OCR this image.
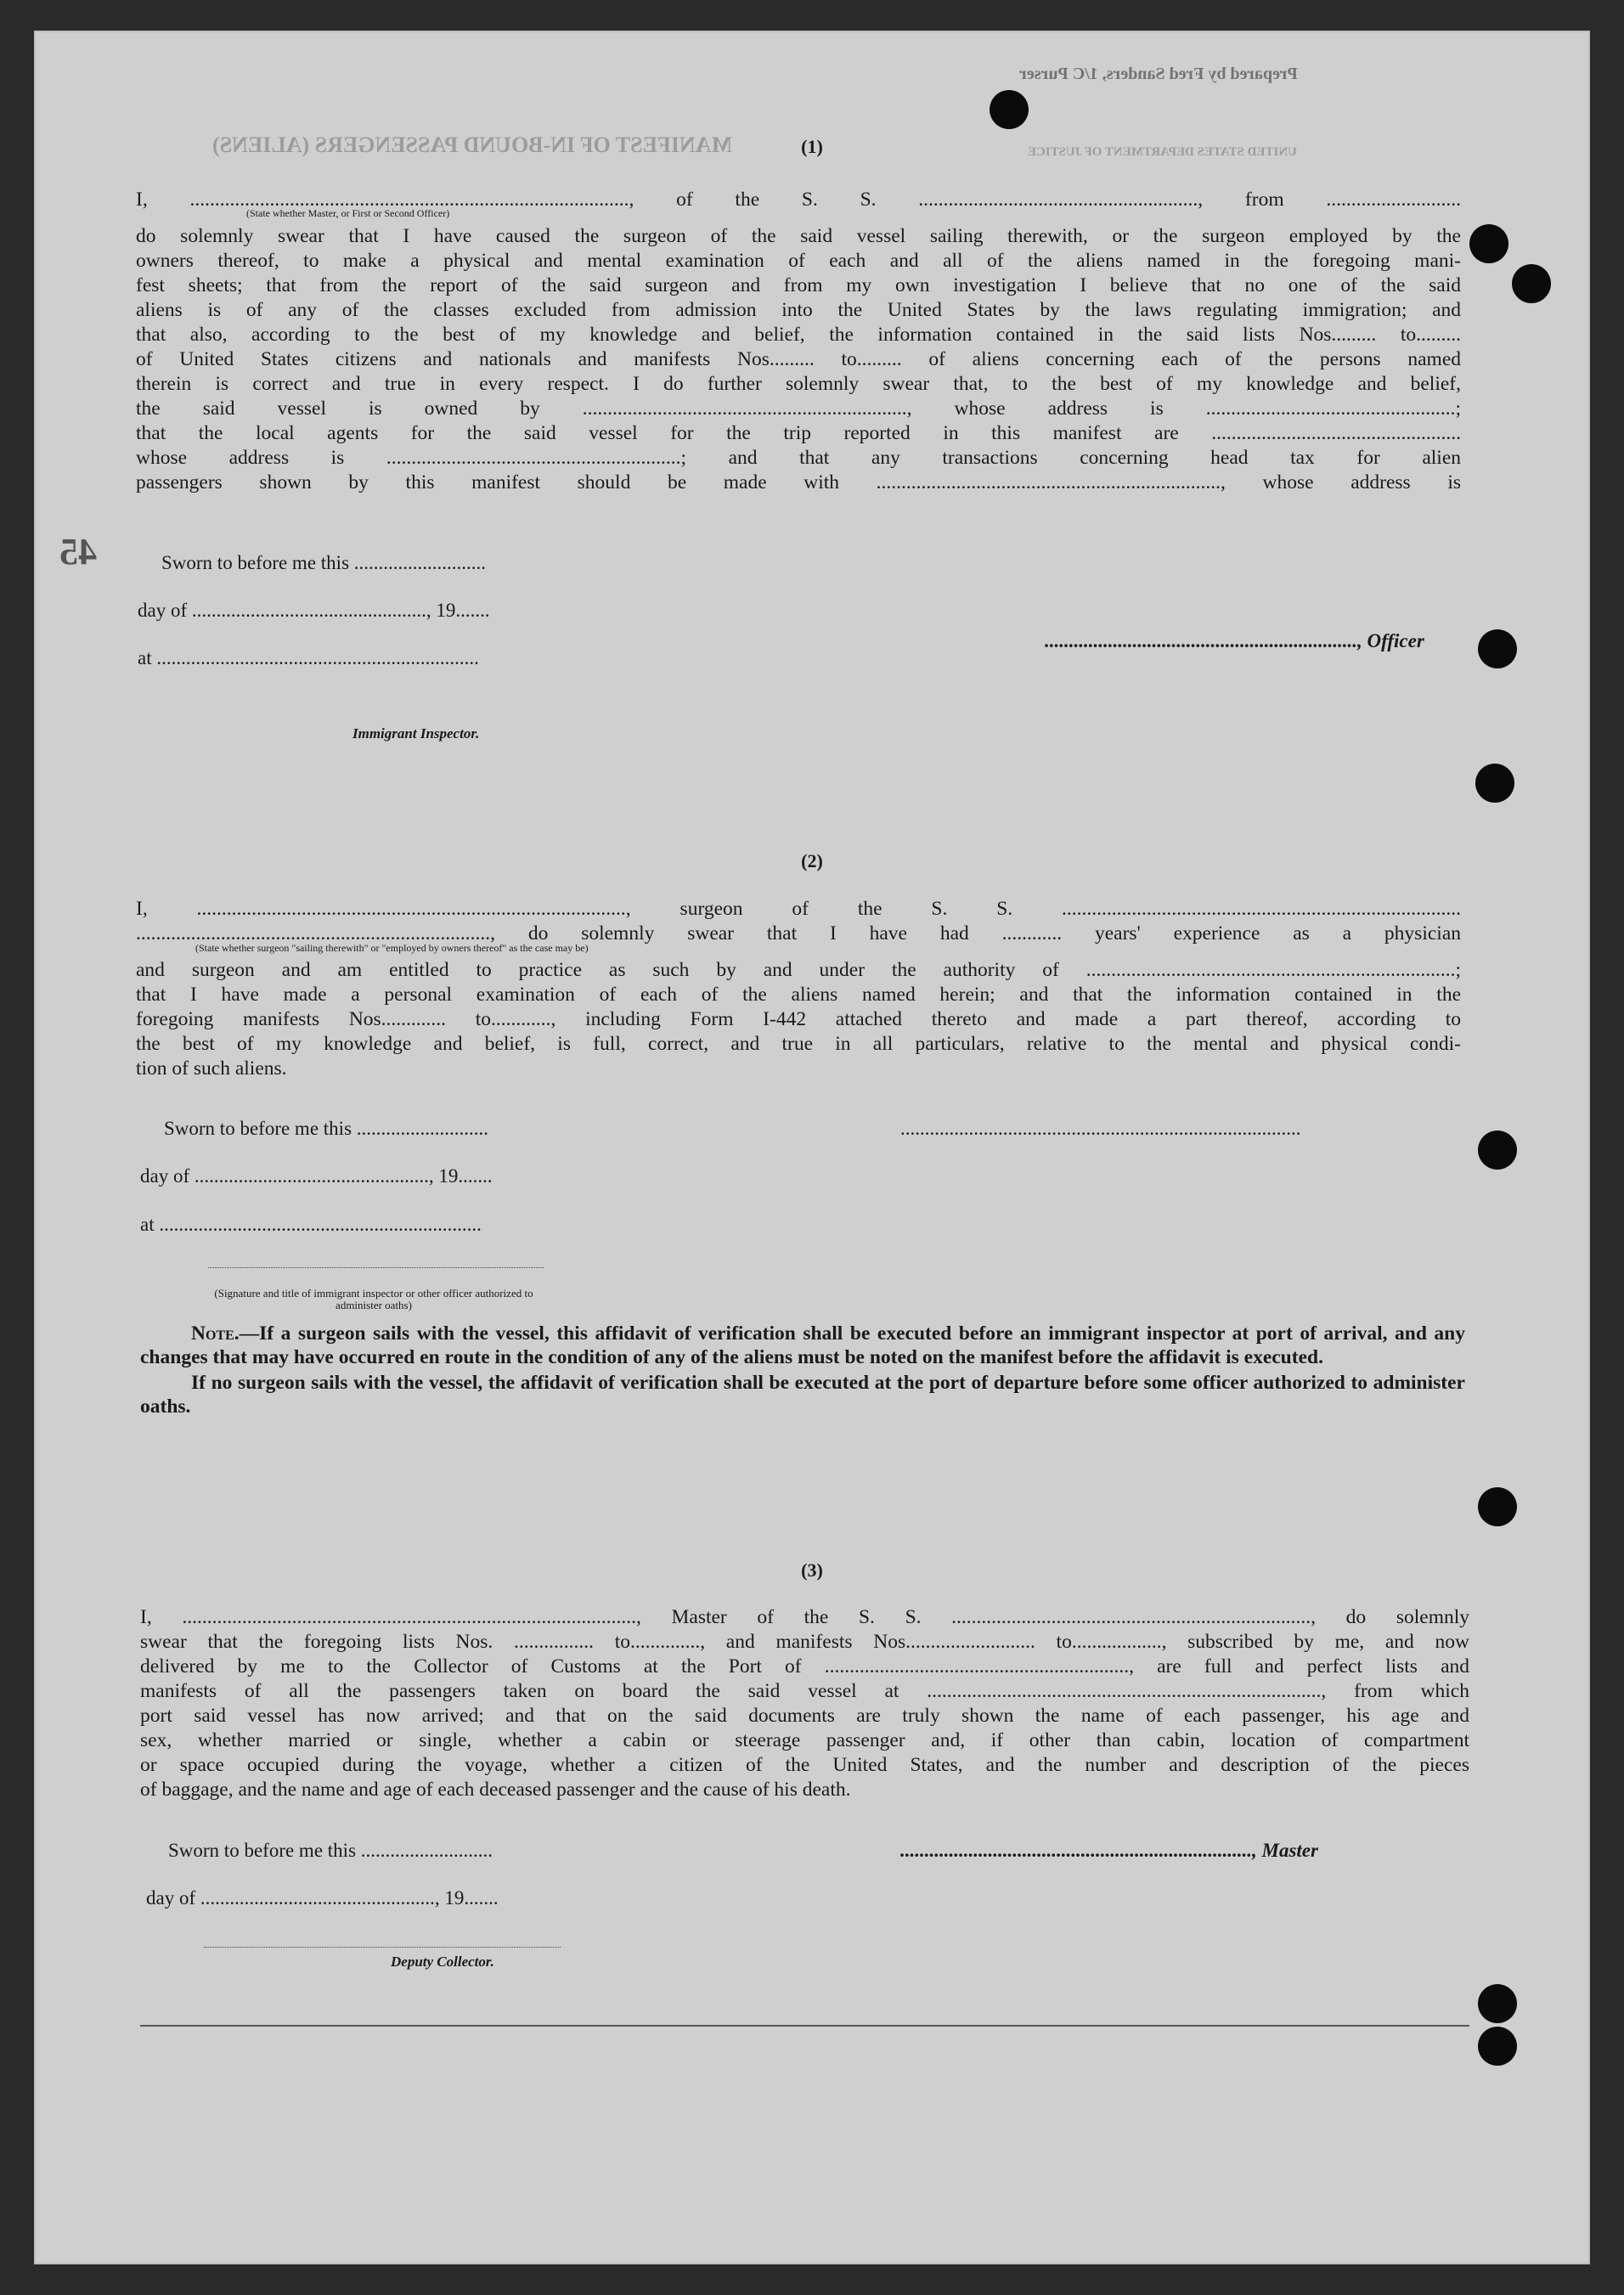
MANIFEST OF IN-BOUND PASSENGERS (ALIENS)	UNITED STATES DEPARTMENT OF JUSTICE
Prepared by Fred Sanders, 1/C Purser
(1)
45

I, ........................................................................................, of the S. S. ........................................................, from ...........................

(State whether Master, or First or Second Officer)

do solemnly swear that I have caused the surgeon of the said vessel sailing therewith, or the surgeon employed by the

owners thereof, to make a physical and mental examination of each and all of the aliens named in the foregoing mani-

fest sheets; that from the report of the said surgeon and from my own investigation I believe that no one of the said

aliens is of any of the classes excluded from admission into the United States by the laws regulating immigration; and

that also, according to the best of my knowledge and belief, the information contained in the said lists Nos......... to.........

of United States citizens and nationals and manifests Nos......... to......... of aliens concerning each of the persons named

therein is correct and true in every respect. I do further solemnly swear that, to the best of my knowledge and belief,

the said vessel is owned by ................................................................., whose address is ..................................................;

that the local agents for the said vessel for the trip reported in this manifest are ..................................................

whose address is ...........................................................; and that any transactions concerning head tax for alien

passengers shown by this manifest should be made with ....................................................................., whose address is

Sworn to before me this ...........................
day of ................................................, 19.......
at ..................................................................
Immigrant Inspector.
................................................................, Officer
(2)

I, ......................................................................................, surgeon of the S. S. ................................................................................

......................................................................., do solemnly swear that I have had ............ years' experience as a physician

(State whether surgeon "sailing therewith" or "employed by owners thereof" as the case may be)

and surgeon and am entitled to practice as such by and under the authority of ..........................................................................;

that I have made a personal examination of each of the aliens named herein; and that the information contained in the

foregoing manifests Nos............. to............, including Form I-442 attached thereto and made a part thereof, according to

the best of my knowledge and belief, is full, correct, and true in all particulars, relative to the mental and physical condi-

tion of such aliens.

Sworn to before me this ...........................	..................................................................................
day of ................................................, 19.......
at ..................................................................
(Signature and title of immigrant inspector or other officer authorized to administer oaths)

Note.—If a surgeon sails with the vessel, this affidavit of verification shall be executed before an immigrant inspector at port of arrival, and any changes that may have occurred en route in the condition of any of the aliens must be noted on the manifest before the affidavit is executed.

If no surgeon sails with the vessel, the affidavit of verification shall be executed at the port of departure before some officer authorized to administer oaths.

(3)

I, ..........................................................................................., Master of the S. S. ........................................................................, do solemnly

swear that the foregoing lists Nos. ................ to.............., and manifests Nos.......................... to.................., subscribed by me, and now

delivered by me to the Collector of Customs at the Port of ............................................................., are full and perfect lists and

manifests of all the passengers taken on board the said vessel at ..............................................................................., from which

port said vessel has now arrived; and that on the said documents are truly shown the name of each passenger, his age and

sex, whether married or single, whether a cabin or steerage passenger and, if other than cabin, location of compartment

or space occupied during the voyage, whether a citizen of the United States, and the number and description of the pieces

of baggage, and the name and age of each deceased passenger and the cause of his death.

Sworn to before me this ...........................	........................................................................, Master
day of ................................................, 19.......
Deputy Collector.
